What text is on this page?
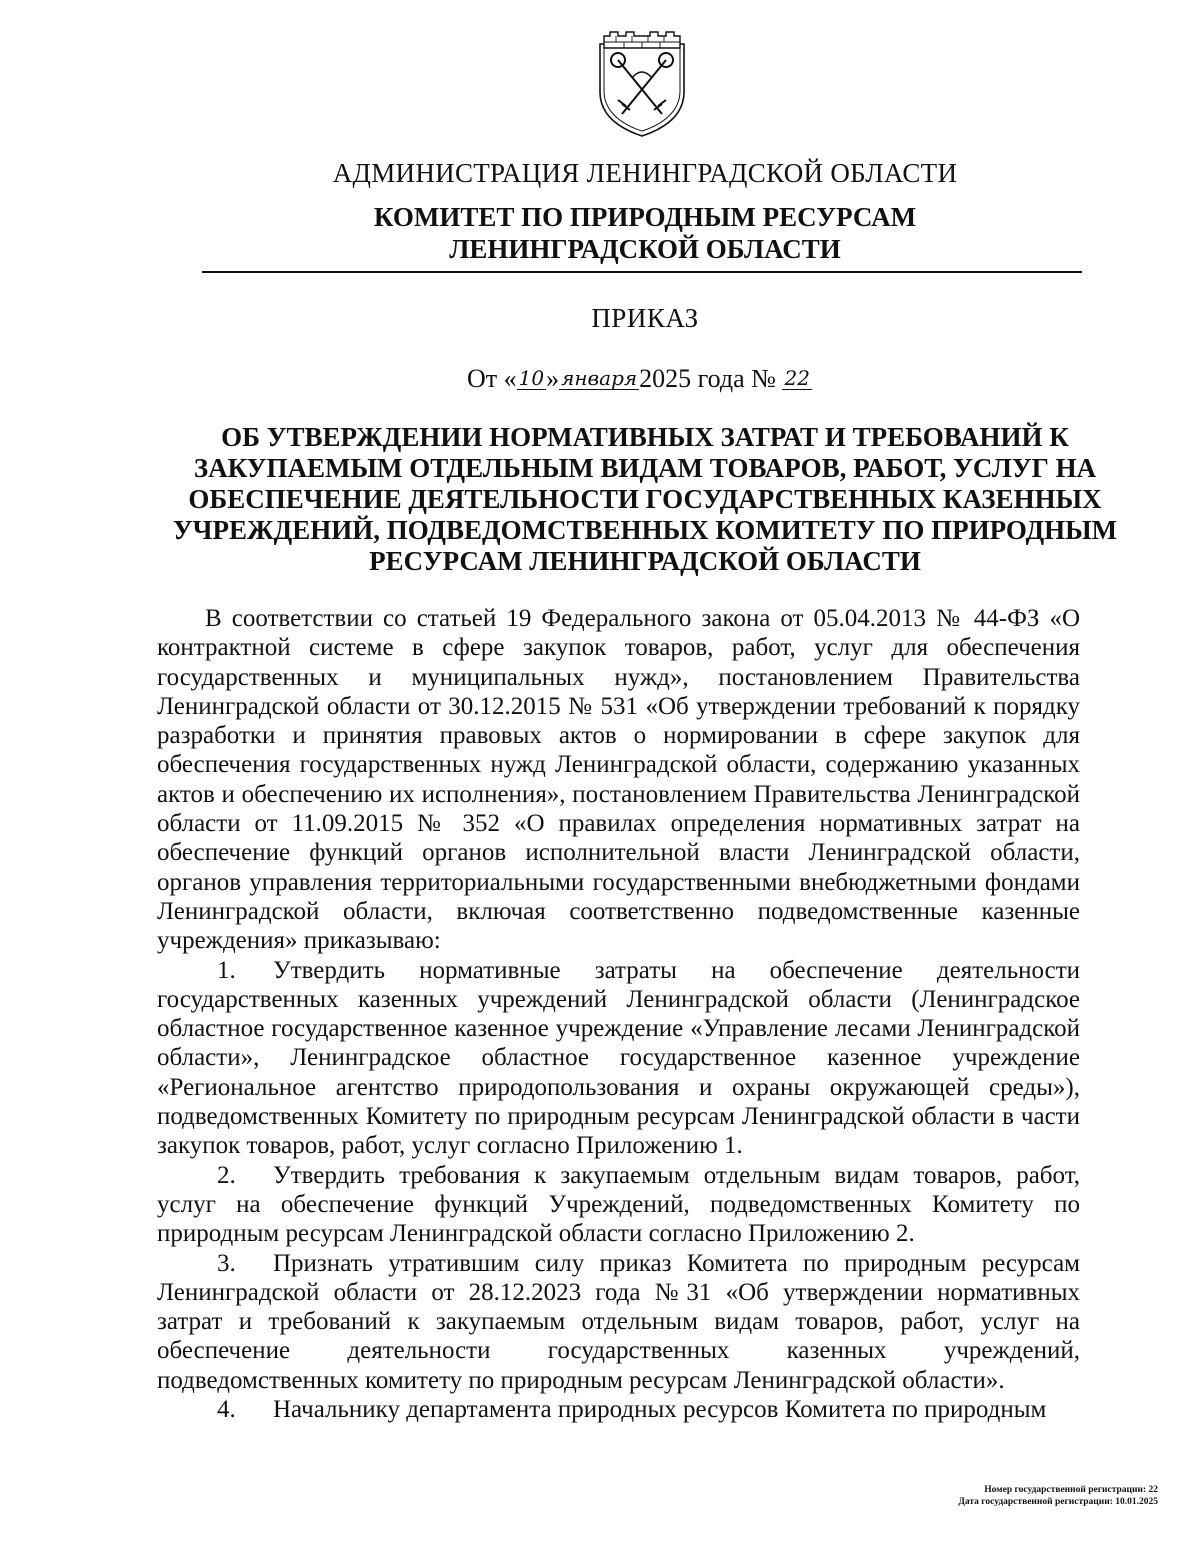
АДМИНИСТРАЦИЯ ЛЕНИНГРАДСКОЙ ОБЛАСТИ
КОМИТЕТ ПО ПРИРОДНЫМ РЕСУРСАМ
ЛЕНИНГРАДСКОЙ ОБЛАСТИ
ПРИКАЗ
От « 10» января2025 года № 22
ОБ УТВЕРЖДЕНИИ НОРМАТИВНЫХ ЗАТРАТ И ТРЕБОВАНИЙ К
ЗАКУПАЕМЫМ ОТДЕЛЬНЫМ ВИДАМ ТОВАРОВ, РАБОТ, УСЛУГ НА
ОБЕСПЕЧЕНИЕ ДЕЯТЕЛЬНОСТИ ГОСУДАРСТВЕННЫХ КАЗЕННЫХ
УЧРЕЖДЕНИЙ, ПОДВЕДОМСТВЕННЫХ КОМИТЕТУ ПО ПРИРОДНЫМ
РЕСУРСАМ ЛЕНИНГРАДСКОЙ ОБЛАСТИ

В соответствии со статьей 19 Федерального закона от 05.04.2013 № 44-ФЗ «О контрактной системе в сфере закупок товаров, работ, услуг для обеспечения государственных и муниципальных нужд», постановлением Правительства Ленинградской области от 30.12.2015 № 531 «Об утверждении требований к порядку разработки и принятия правовых актов о нормировании в сфере закупок для обеспечения государственных нужд Ленинградской области, содержанию указанных актов и обеспечению их исполнения», постановлением Правительства Ленинградской области от 11.09.2015 № 352 «О правилах определения нормативных затрат на обеспечение функций органов исполнительной власти Ленинградской области, органов управления территориальными государственными внебюджетными фондами Ленинградской области, включая соответственно подведомственные казенные учреждения» приказываю:

1. Утвердить нормативные затраты на обеспечение деятельности государственных казенных учреждений Ленинградской области (Ленинградское областное государственное казенное учреждение «Управление лесами Ленинградской области», Ленинградское областное государственное казенное учреждение «Региональное агентство природопользования и охраны окружающей среды»), подведомственных Комитету по природным ресурсам Ленинградской области в части закупок товаров, работ, услуг согласно Приложению 1.

2. Утвердить требования к закупаемым отдельным видам товаров, работ, услуг на обеспечение функций Учреждений, подведомственных Комитету по природным ресурсам Ленинградской области согласно Приложению 2.

3. Признать утратившим силу приказ Комитета по природным ресурсам Ленинградской области от 28.12.2023 года №31 «Об утверждении нормативных затрат и требований к закупаемым отдельным видам товаров, работ, услуг на обеспечение деятельности государственных казенных учреждений, подведомственных комитету по природным ресурсам Ленинградской области».

4. Начальнику департамента природных ресурсов Комитета по природным

Номер государственной регистрации: 22
Дата государственной регистрации: 10.01.2025
